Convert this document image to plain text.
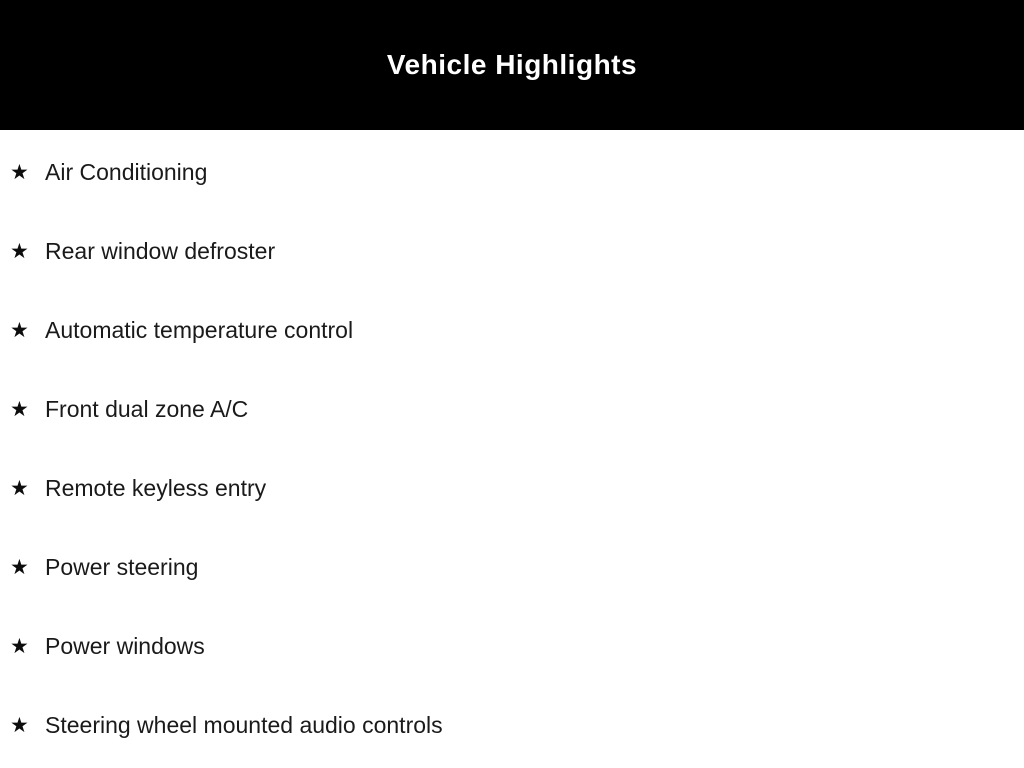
Vehicle Highlights
★ Air Conditioning
★ Rear window defroster
★ Automatic temperature control
★ Front dual zone A/C
★ Remote keyless entry
★ Power steering
★ Power windows
★ Steering wheel mounted audio controls
